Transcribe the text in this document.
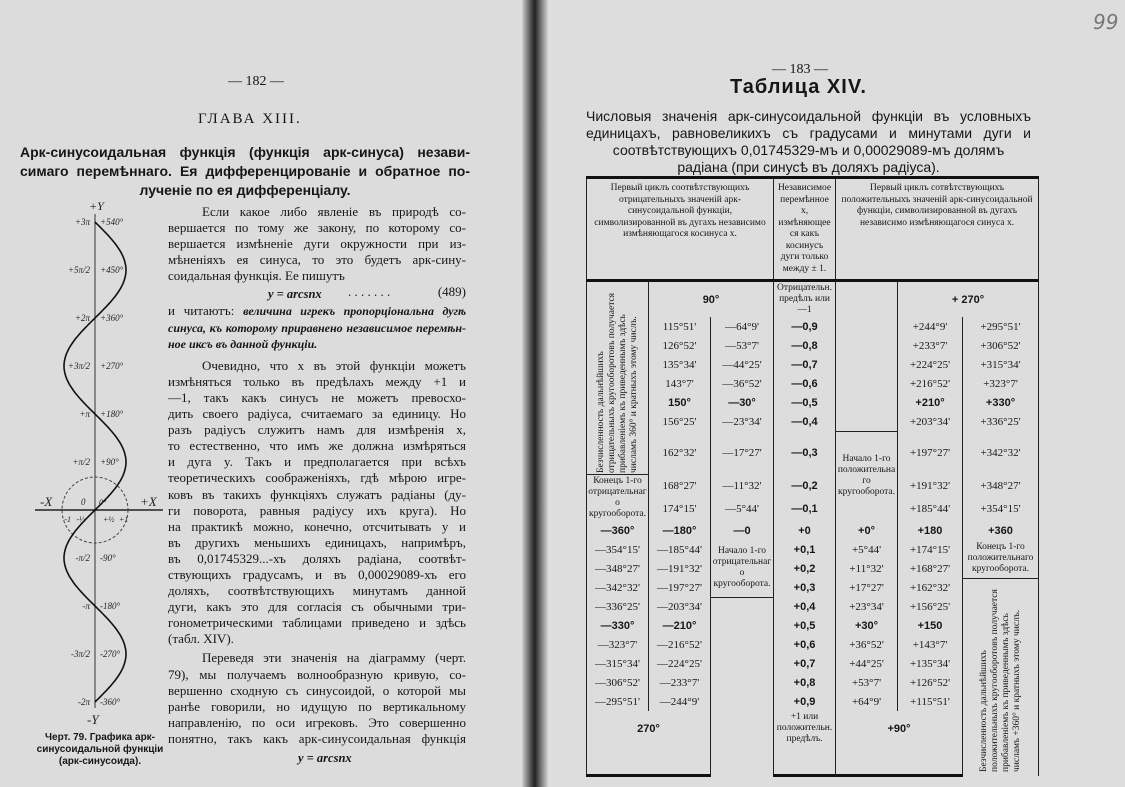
— 182 —
ГЛАВА XIII.
Арк-синусоидальная функція (функція арк-синуса) незави-
симаго перемѣннаго. Ея дифференцированіе и обратное по-
лученіе по ея дифференціалу.
+Y
-Y
-X	+X
0 0°
-1 -½ +½ +1
+3π +540°
+5π/2 +450°
+2π +360°
+3π/2 +270°
+π +180°
+π/2 +90°
-π/2 -90°
-π -180°
-3π/2 -270°
-2π -360°
Черт. 79. Графика арк-
синусоидальной функціи
(арк-синусоида).
Если какое либо явленіе въ природѣ со-
вершается по тому же закону, по которому со-
вершается измѣненіе дуги окружности при из-
мѣненіяхъ ея синуса, то это будетъ арк-сину-
соидальная функція. Ее пишутъ
y = arcsnx . . . . . . .	(489)
и читаютъ: величина игрекъ пропорціональна дугѣ
синуса, къ которому приравнено независимое перемѣн-
ное иксъ въ данной функціи.
Очевидно, что x въ этой функціи можетъ
измѣняться только въ предѣлахъ между +1 и
—1, такъ какъ синусъ не можетъ превосхо-
дить своего радіуса, считаемаго за единицу. Но
разъ радіусъ служитъ намъ для измѣренія x,
то естественно, что имъ же должна измѣряться
и дуга y. Такъ и предполагается при всѣхъ
теоретическихъ соображеніяхъ, гдѣ мѣрою игре-
ковъ въ такихъ функціяхъ служатъ радіаны (ду-
ги поворота, равныя радіусу ихъ круга). Но
на практикѣ можно, конечно, отсчитывать y и
въ другихъ меньшихъ единицахъ, напримѣръ,
въ 0,01745329...-хъ доляхъ радіана, соотвѣт-
ствующихъ градусамъ, и въ 0,00029089-хъ его
доляхъ, соотвѣтствующихъ минутамъ данной
дуги, какъ это для согласія съ обычными три-
гонометрическими таблицами приведено и здѣсь
(табл. XIV).
Переведя эти значенія на діаграмму (черт.
79), мы получаемъ волнообразную кривую, со-
вершенно сходную съ синусоидой, о которой мы
ранѣе говорили, но идущую по вертикальному
направленію, по оси игрековъ. Это совершенно
понятно, такъ какъ арк-синусоидальная функція
y = arcsnx
— 183 —
99
Таблица XIV.
Числовыя значенія арк-синусоидальной функціи въ условныхъ
единицахъ, равновеликихъ съ градусами и минутами дуги и
соотвѣтствующихъ 0,01745329-мъ и 0,00029089-мъ долямъ
радіана (при синусѣ въ доляхъ радіуса).
Первый циклъ соотвѣтствующихъ отрицательныхъ значеній арк-синусоидальной функціи, символизированной въ дугахъ независимо измѣняющагося косинуса x.			Независимое перемѣнное x, измѣняющееся какъ косинусъ дуги только между ± 1.	Первый циклъ сотвѣтствующихъ положительныхъ значеній арк-синусоидальной функціи, символизированной въ дугахъ независимо измѣняющагося синуса x.		

Безчисленность дальнѣйшихъ отрицательныхъ кругооборотовъ получается прибавленіемъ къ приведеннымъ здѣсь числамъ 360° и кратныхъ этому числъ.	90°		Отрицательн. предѣлъ или —1		+ 270°	
	115°51'	—64°9'	—0,9		+244°9'	+295°51'
	126°52'	—53°7'	—0,8		+233°7'	+306°52'
	135°34'	—44°25'	—0,7		+224°25'	+315°34'
	143°7'	—36°52'	—0,6		+216°52'	+323°7'
	150°	—30°	—0,5		+210°	+330°
	156°25'	—23°34'	—0,4		+203°34'	+336°25'
	162°32'	—17°27'	—0,3	Начало 1-го положительнаго кругооборота.	+197°27'	+342°32'
Конецъ 1-го отрицательнаго кругооборота.	168°27'	—11°32'	—0,2		+191°32'	+348°27'
	174°15'	—5°44'	—0,1		+185°44'	+354°15'
—360°	—180°	—0	+0	+0°	+180	+360
—354°15'	—185°44'	Начало 1-го отрицательнаго кругооборота.	+0,1	+5°44'	+174°15'	Конецъ 1-го положительнаго кругооборота.
—348°27'	—191°32'		+0,2	+11°32'	+168°27'	
—342°32'	—197°27'		+0,3	+17°27'	+162°32'	Безчисленность дальнѣйшихъ положительныхъ кругооборотовъ получается прибавленіемъ къ приведеннымъ здѣсь числамъ +360° и кратныхъ этому числъ.

—336°25'	—203°34'		+0,4	+23°34'	+156°25'	
—330°	—210°		+0,5	+30°	+150	
—323°7'	—216°52'		+0,6	+36°52'	+143°7'	
—315°34'	—224°25'		+0,7	+44°25'	+135°34'	
—306°52'	—233°7'		+0,8	+53°7'	+126°52'	
—295°51'	—244°9'		+0,9	+64°9'	+115°51'	
270°			+1 или положительн. предѣлъ.	+90°		
